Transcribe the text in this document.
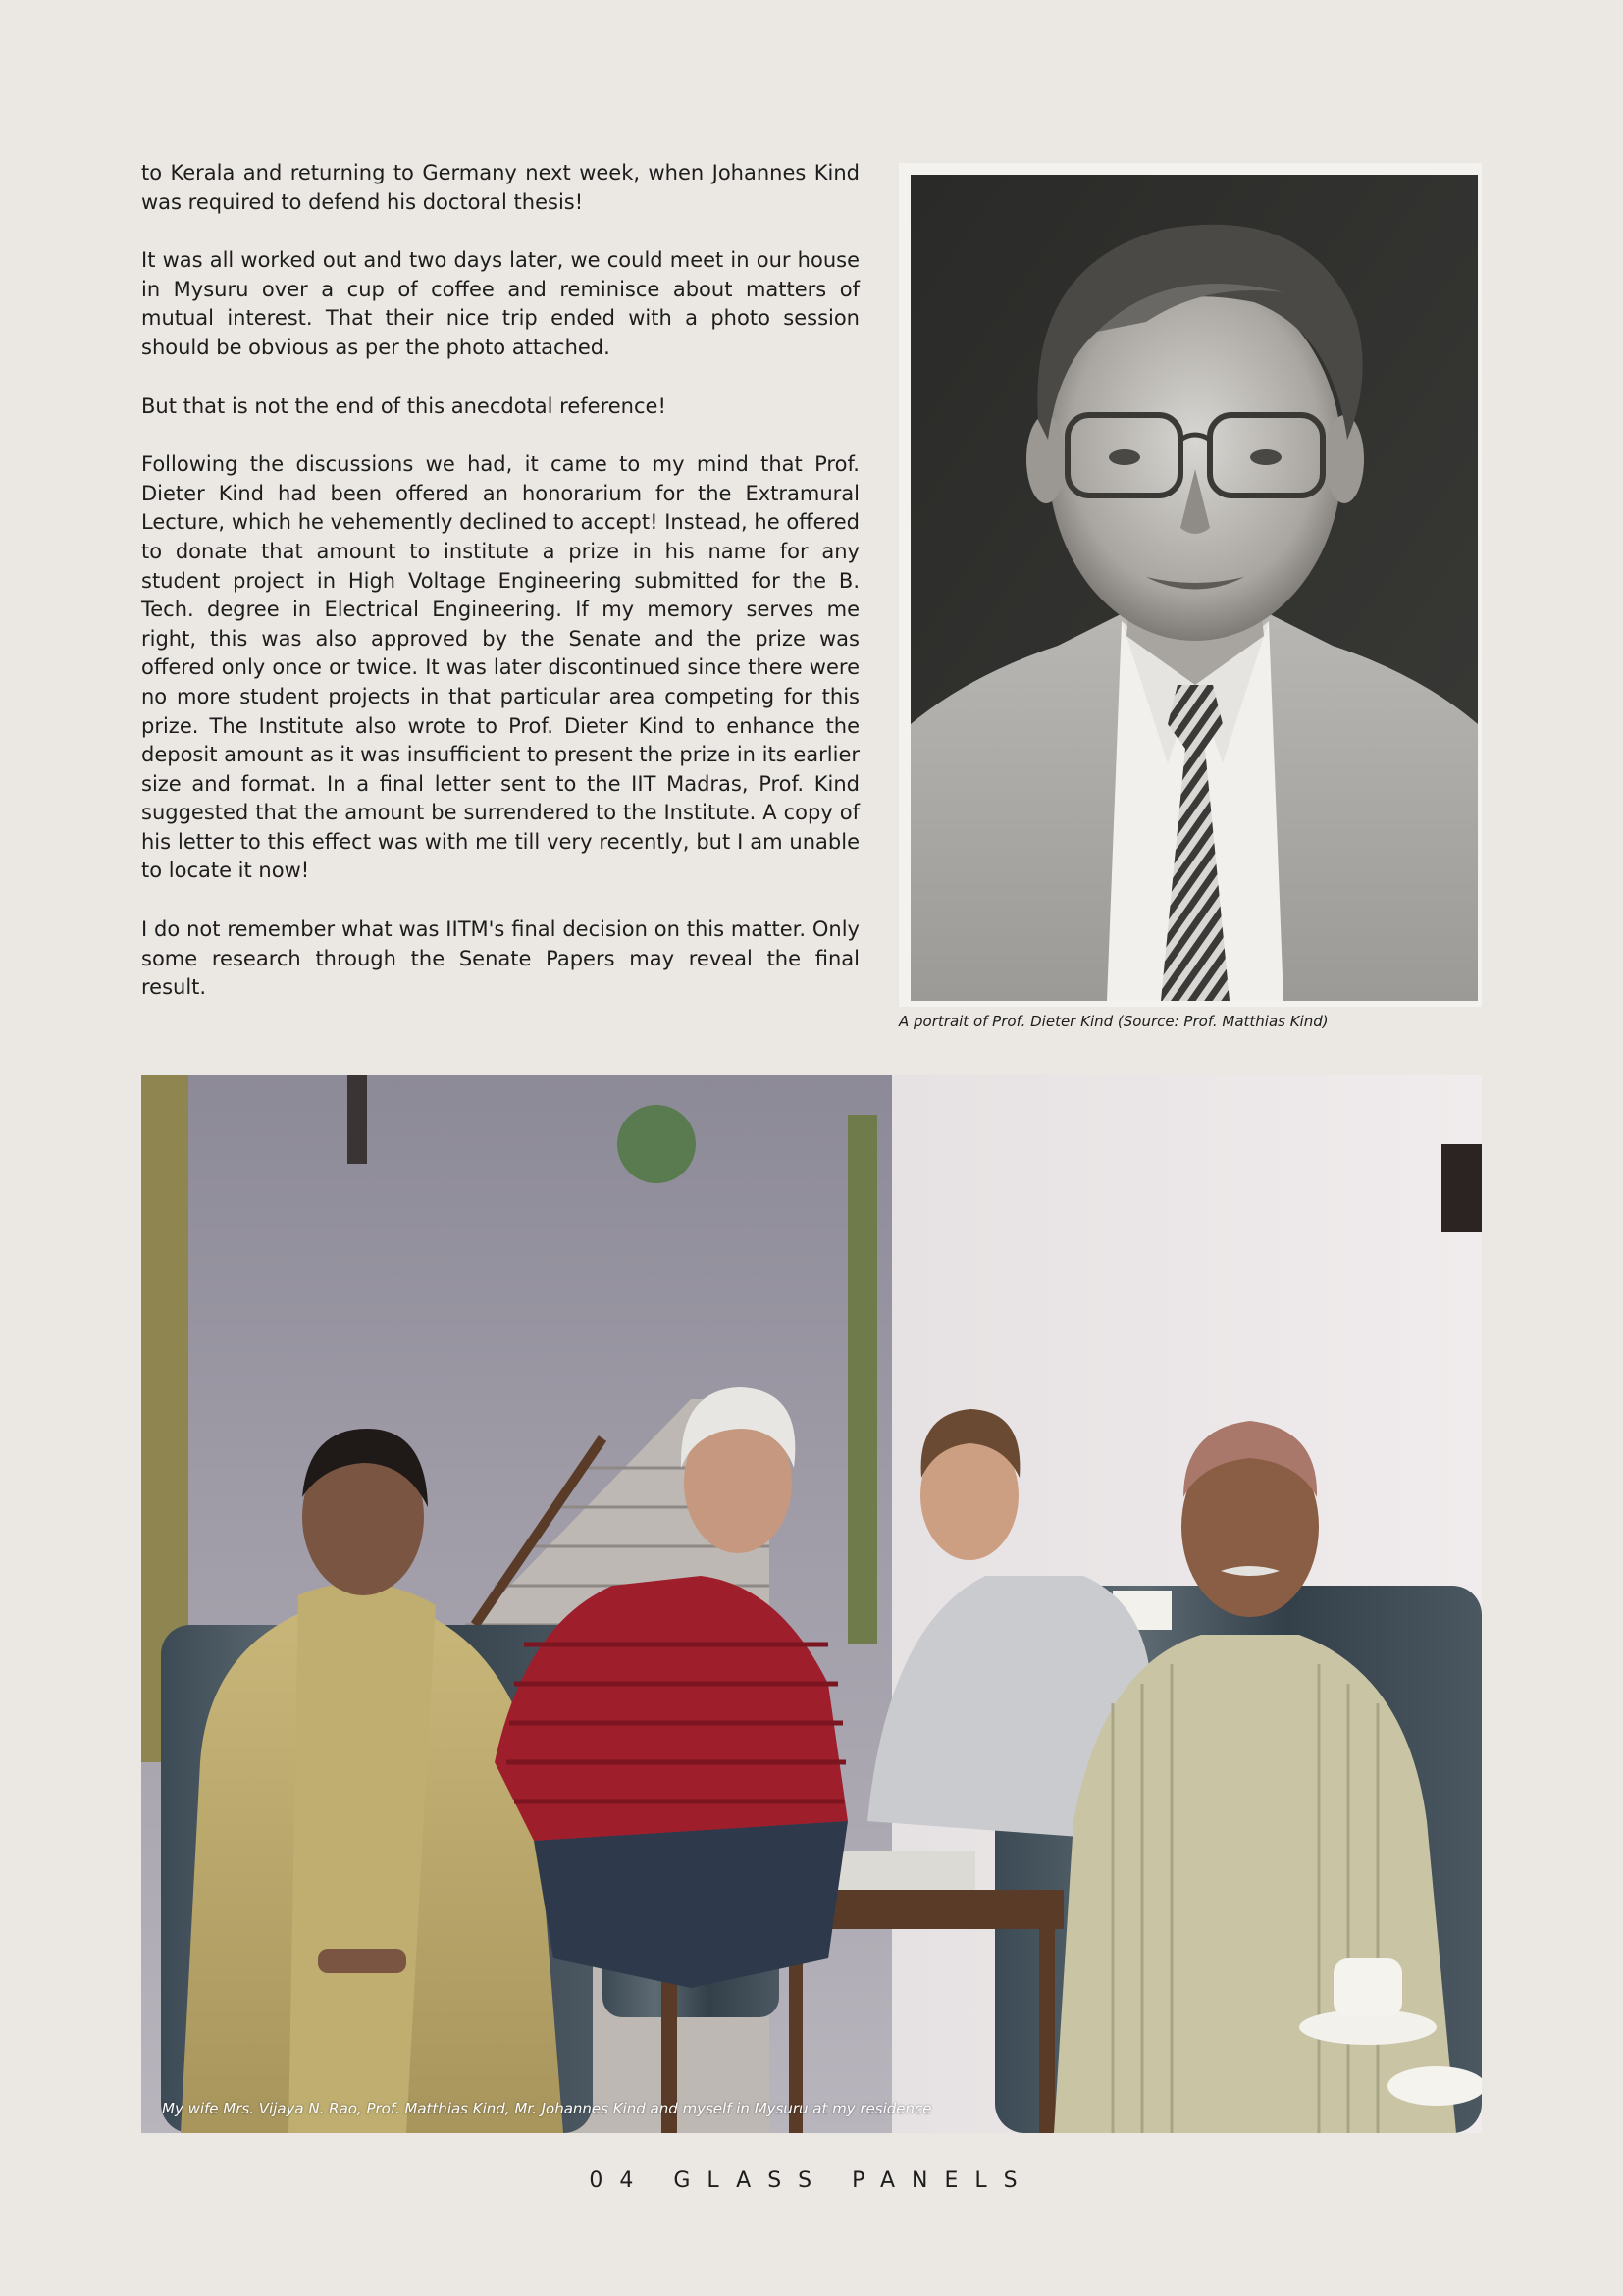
to Kerala and returning to Germany next week, when Johannes Kind was required to defend his doctoral thesis!

It was all worked out and two days later, we could meet in our house in Mysuru over a cup of coffee and reminisce about matters of mutual interest. That their nice trip ended with a photo session should be obvious as per the photo attached.

But that is not the end of this anecdotal reference!

Following the discussions we had, it came to my mind that Prof. Dieter Kind had been offered an honorarium for the Extramural Lecture, which he vehemently declined to accept! Instead, he offered to donate that amount to institute a prize in his name for any student project in High Voltage Engineering submitted for the B. Tech. degree in Electrical Engineering. If my memory serves me right, this was also approved by the Senate and the prize was offered only once or twice. It was later discontinued since there were no more student projects in that particular area competing for this prize. The Institute also wrote to Prof. Dieter Kind to enhance the deposit amount as it was insufficient to present the prize in its earlier size and format. In a final letter sent to the IIT Madras, Prof. Kind suggested that the amount be surrendered to the Institute. A copy of his letter to this effect was with me till very recently, but I am unable to locate it now!

I do not remember what was IITM's final decision on this matter. Only some research through the Senate Papers may reveal the final result.

A portrait of Prof. Dieter Kind (Source: Prof. Matthias Kind)
My wife Mrs. Vijaya N. Rao, Prof. Matthias Kind, Mr. Johannes Kind and myself in Mysuru at my residence
04 GLASS PANELS
